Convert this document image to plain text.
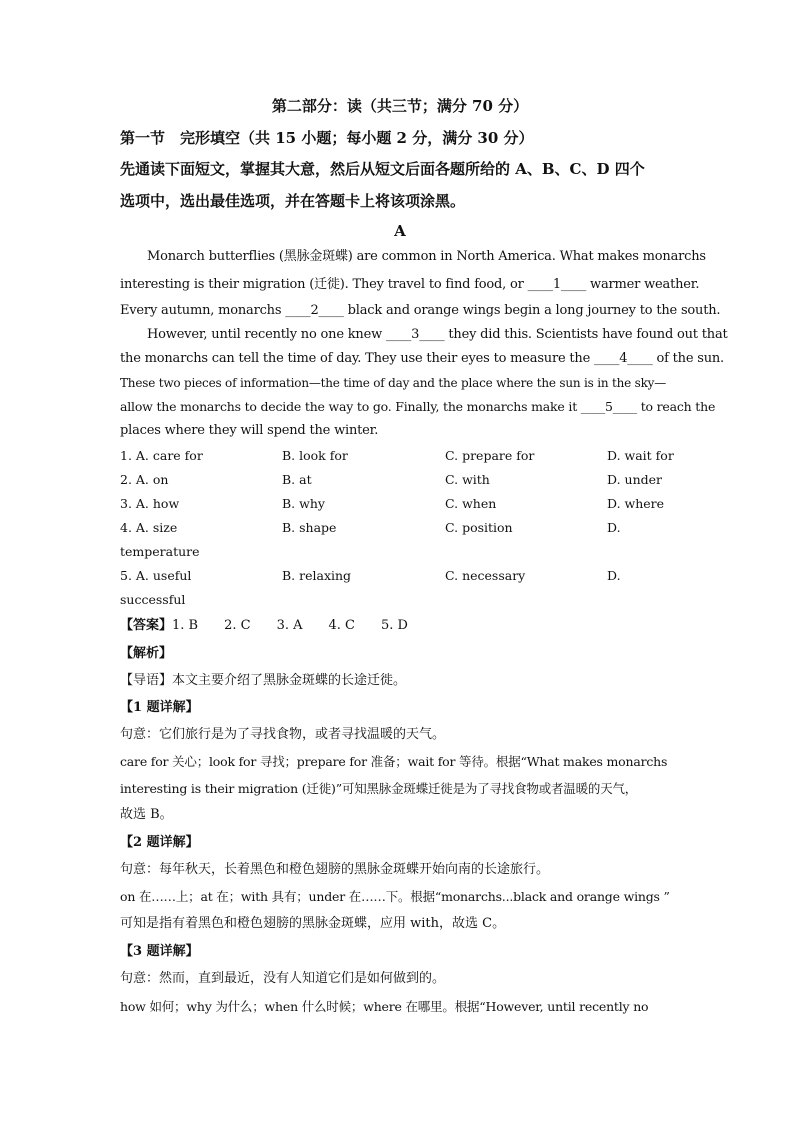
第二部分：读（共三节；满分 70 分）
第一节　完形填空（共 15 小题；每小题 2 分，满分 30 分）
先通读下面短文，掌握其大意，然后从短文后面各题所给的 A、B、C、D 四个
选项中，选出最佳选项，并在答题卡上将该项涂黑。
A
Monarch butterflies (黑脉金斑蝶) are common in North America. What makes monarchs
interesting is their migration (迁徙). They travel to find food, or ____1____ warmer weather.
Every autumn, monarchs ____2____ black and orange wings begin a long journey to the south.
However, until recently no one knew ____3____ they did this. Scientists have found out that
the monarchs can tell the time of day. They use their eyes to measure the ____4____ of the sun.
These two pieces of information—the time of day and the place where the sun is in the sky—
allow the monarchs to decide the way to go. Finally, the monarchs make it ____5____ to reach the
places where they will spend the winter.
1. A. care for	B. look for	C. prepare for	D. wait for
2. A. on	B. at	C. with	D. under
3. A. how	B. why	C. when	D. where
4. A. size	B. shape	C. position	D.
temperature
5. A. useful	B. relaxing	C. necessary	D.
successful
【答案】1. B　　2. C　　3. A　　4. C　　5. D
【解析】
【导语】本文主要介绍了黑脉金斑蝶的长途迁徙。
【1 题详解】
句意：它们旅行是为了寻找食物，或者寻找温暖的天气。
care for 关心；look for 寻找；prepare for 准备；wait for 等待。根据“What makes monarchs
interesting is their migration (迁徙)”可知黑脉金斑蝶迁徙是为了寻找食物或者温暖的天气，
故选 B。
【2 题详解】
句意：每年秋天，长着黑色和橙色翅膀的黑脉金斑蝶开始向南的长途旅行。
on 在……上；at 在；with 具有；under 在……下。根据“monarchs...black and orange wings ”
可知是指有着黑色和橙色翅膀的黑脉金斑蝶，应用 with，故选 C。
【3 题详解】
句意：然而，直到最近，没有人知道它们是如何做到的。
how 如何；why 为什么；when 什么时候；where 在哪里。根据“However, until recently no
